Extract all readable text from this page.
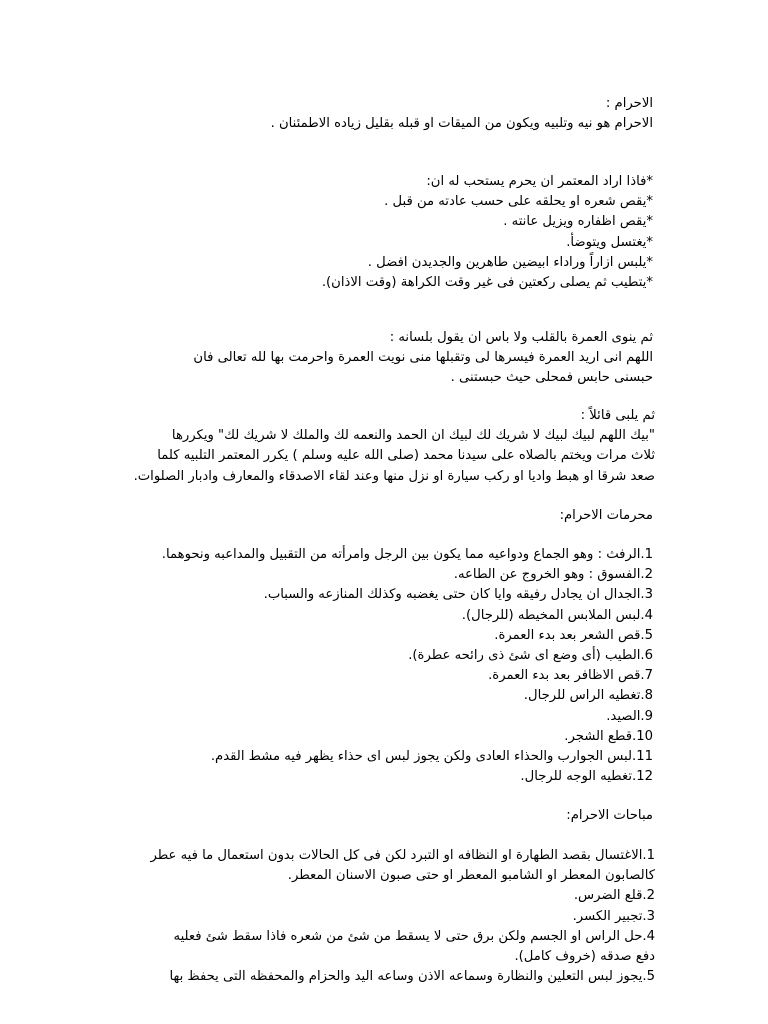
الاحرام :

الاحرام هو نيه وتلبيه ويكون من الميقات او قبله بقليل زياده الاطمئنان .

*فاذا اراد المعتمر ان يحرم يستحب له ان:

*يقص شعره او يحلقه على حسب عادته من قبل .

*يقص اظفاره ويزيل عانته .

*يغتسل ويتوضأ.

*يلبس ازاراً وراداء ابيضين طاهرين والجديدن افضل .

*يتطيب ثم يصلى ركعتين فى غير وقت الكراهة (وقت الاذان).

ثم ينوى العمرة بالقلب ولا باس ان يقول بلسانه :

اللهم انى اريد العمرة فيسرها لى وتقبلها منى نويت العمرة واحرمت بها لله تعالى فان

حبسنى حابس فمحلى حيث حبستنى .

ثم يلبى قائلاً :

"بيك اللهم لبيك لبيك لا شريك لك لبيك ان الحمد والنعمه لك والملك لا شريك لك" ويكررها

ثلاث مرات ويختم بالصلاه على سيدنا محمد (صلى الله عليه وسلم ) يكرر المعتمر التلبيه كلما

صعد شرقا او هبط واديا او ركب سيارة او نزل منها وعند لقاء الاصدقاء والمعارف وادبار الصلوات.

محرمات الاحرام:

1.الرفث : وهو الجماع ودواعيه مما يكون بين الرجل وامرأته من التقبيل والمداعبه ونحوهما.

2.الفسوق : وهو الخروج عن الطاعه.

3.الجدال ان يجادل رفيقه وايا كان حتى يغضبه وكذلك المنازعه والسباب.

4.لبس الملابس المخيطه (للرجال).

5.قص الشعر بعد بدء العمرة.

6.الطيب (أى وضع اى شئ ذى رائحه عطرة).

7.قص الاظافر بعد بدء العمرة.

8.تغطيه الراس للرجال.

9.الصيد.

10.قطع الشجر.

11.لبس الجوارب والحذاء العادى ولكن يجوز لبس اى حذاء يظهر فيه مشط القدم.

12.تغطيه الوجه للرجال.

مباحات الاحرام:

1.الاغتسال بقصد الطهارة او النظافه او التبرد لكن فى كل الحالات بدون استعمال ما فيه عطر

كالصابون المعطر او الشامبو المعطر او حتى صبون الاسنان المعطر.

2.قلع الضرس.

3.تجبير الكسر.

4.حل الراس او الجسم ولكن برق حتى لا يسقط من شئ من شعره فاذا سقط شئ فعليه

دفع صدقه (خروف كامل).

5.يجوز لبس التعلين والنظارة وسماعه الاذن وساعه اليد والحزام والمحفظه التى يحفظ بها
